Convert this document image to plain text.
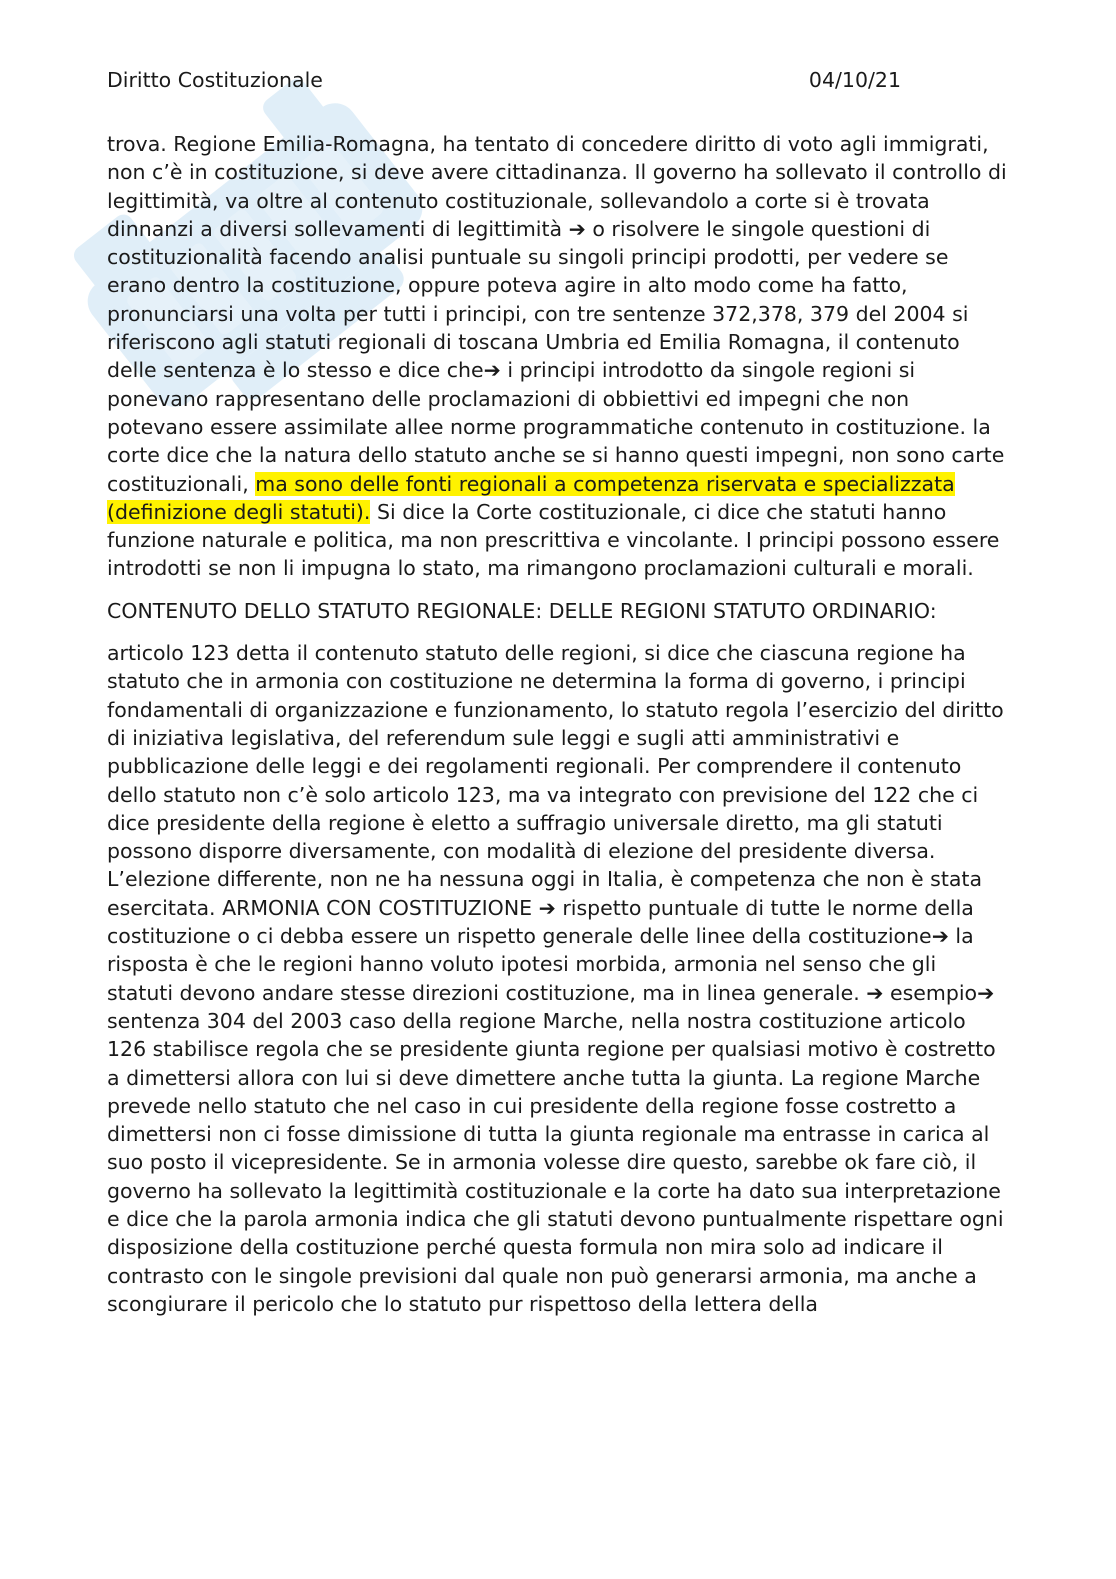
Diritto Costituzionale	04/10/21

trova. Regione Emilia-Romagna, ha tentato di concedere diritto di voto agli immigrati, non c’è in costituzione, si deve avere cittadinanza. Il governo ha sollevato il controllo di legittimità, va oltre al contenuto costituzionale, sollevandolo a corte si è trovata dinnanzi a diversi sollevamenti di legittimità ➔ o risolvere le singole questioni di costituzionalità facendo analisi puntuale su singoli principi prodotti, per vedere se erano dentro la costituzione, oppure poteva agire in alto modo come ha fatto, pronunciarsi una volta per tutti i principi, con tre sentenze 372,378, 379 del 2004 si riferiscono agli statuti regionali di toscana Umbria ed Emilia Romagna, il contenuto delle sentenza è lo stesso e dice che➔ i principi introdotto da singole regioni si ponevano rappresentano delle proclamazioni di obbiettivi ed impegni che non potevano essere assimilate allee norme programmatiche contenuto in costituzione. la corte dice che la natura dello statuto anche se si hanno questi impegni, non sono carte costituzionali, ma sono delle fonti regionali a competenza riservata e specializzata (definizione degli statuti). Si dice la Corte costituzionale, ci dice che statuti hanno funzione naturale e politica, ma non prescrittiva e vincolante. I principi possono essere introdotti se non li impugna lo stato, ma rimangono proclamazioni culturali e morali.

CONTENUTO DELLO STATUTO REGIONALE: DELLE REGIONI STATUTO ORDINARIO:

articolo 123 detta il contenuto statuto delle regioni, si dice che ciascuna regione ha statuto che in armonia con costituzione ne determina la forma di governo, i principi fondamentali di organizzazione e funzionamento, lo statuto regola l’esercizio del diritto di iniziativa legislativa, del referendum sule leggi e sugli atti amministrativi e pubblicazione delle leggi e dei regolamenti regionali. Per comprendere il contenuto dello statuto non c’è solo articolo 123, ma va integrato con previsione del 122 che ci dice presidente della regione è eletto a suffragio universale diretto, ma gli statuti possono disporre diversamente, con modalità di elezione del presidente diversa. L’elezione differente, non ne ha nessuna oggi in Italia, è competenza che non è stata esercitata. ARMONIA CON COSTITUZIONE ➔ rispetto puntuale di tutte le norme della costituzione o ci debba essere un rispetto generale delle linee della costituzione➔ la risposta è che le regioni hanno voluto ipotesi morbida, armonia nel senso che gli statuti devono andare stesse direzioni costituzione, ma in linea generale. ➔ esempio➔ sentenza 304 del 2003 caso della regione Marche, nella nostra costituzione articolo 126 stabilisce regola che se presidente giunta regione per qualsiasi motivo è costretto a dimettersi allora con lui si deve dimettere anche tutta la giunta. La regione Marche prevede nello statuto che nel caso in cui presidente della regione fosse costretto a dimettersi non ci fosse dimissione di tutta la giunta regionale ma entrasse in carica al suo posto il vicepresidente. Se in armonia volesse dire questo, sarebbe ok fare ciò, il governo ha sollevato la legittimità costituzionale e la corte ha dato sua interpretazione e dice che la parola armonia indica che gli statuti devono puntualmente rispettare ogni disposizione della costituzione perché questa formula non mira solo ad indicare il contrasto con le singole previsioni dal quale non può generarsi armonia, ma anche a scongiurare il pericolo che lo statuto pur rispettoso della lettera della
